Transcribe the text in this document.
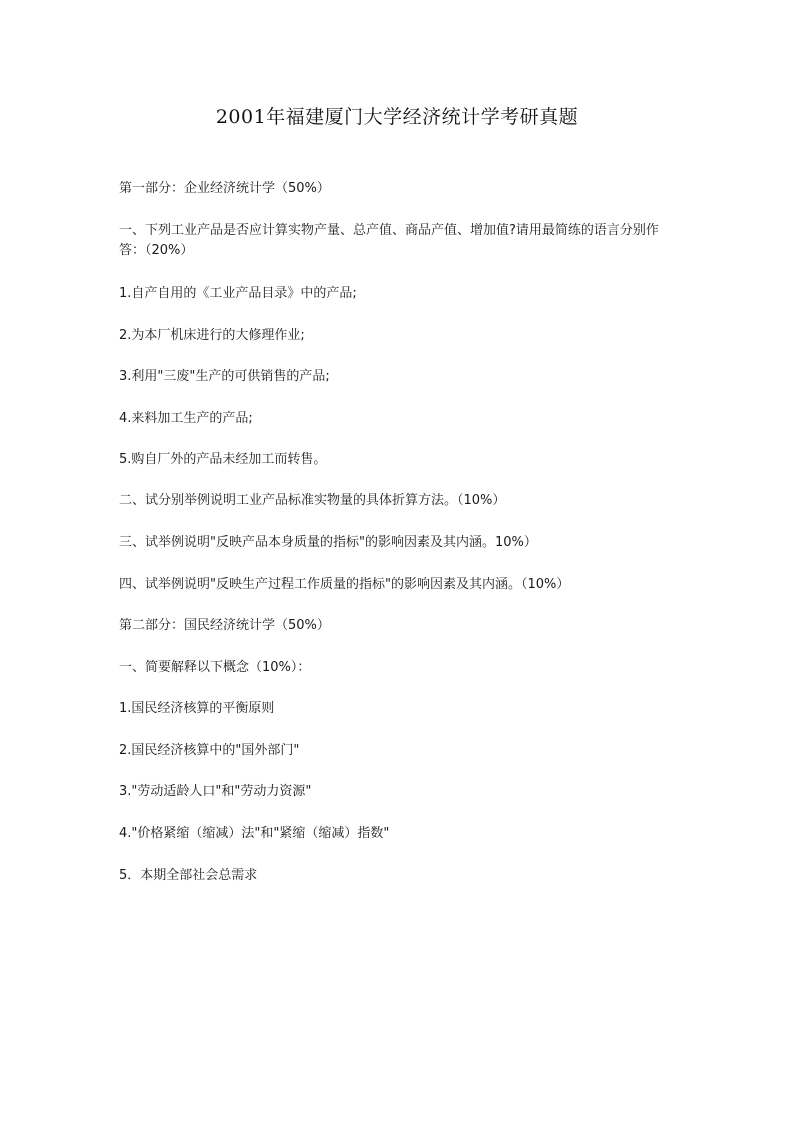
2001年福建厦门大学经济统计学考研真题
第一部分：企业经济统计学（50%）
一、下列工业产品是否应计算实物产量、总产值、商品产值、增加值?请用最简练的语言分别作答：（20%）
1.自产自用的《工业产品目录》中的产品;
2.为本厂机床进行的大修理作业;
3.利用"三废"生产的可供销售的产品;
4.来料加工生产的产品;
5.购自厂外的产品未经加工而转售。
二、试分别举例说明工业产品标准实物量的具体折算方法。（10%）
三、试举例说明"反映产品本身质量的指标"的影响因素及其内涵。10%）
四、试举例说明"反映生产过程工作质量的指标"的影响因素及其内涵。（10%）
第二部分：国民经济统计学（50%）
一、简要解释以下概念（10%）：
1.国民经济核算的平衡原则
2.国民经济核算中的"国外部门"
3."劳动适龄人口"和"劳动力资源"
4."价格紧缩（缩减）法"和"紧缩（缩减）指数"
5．本期全部社会总需求
